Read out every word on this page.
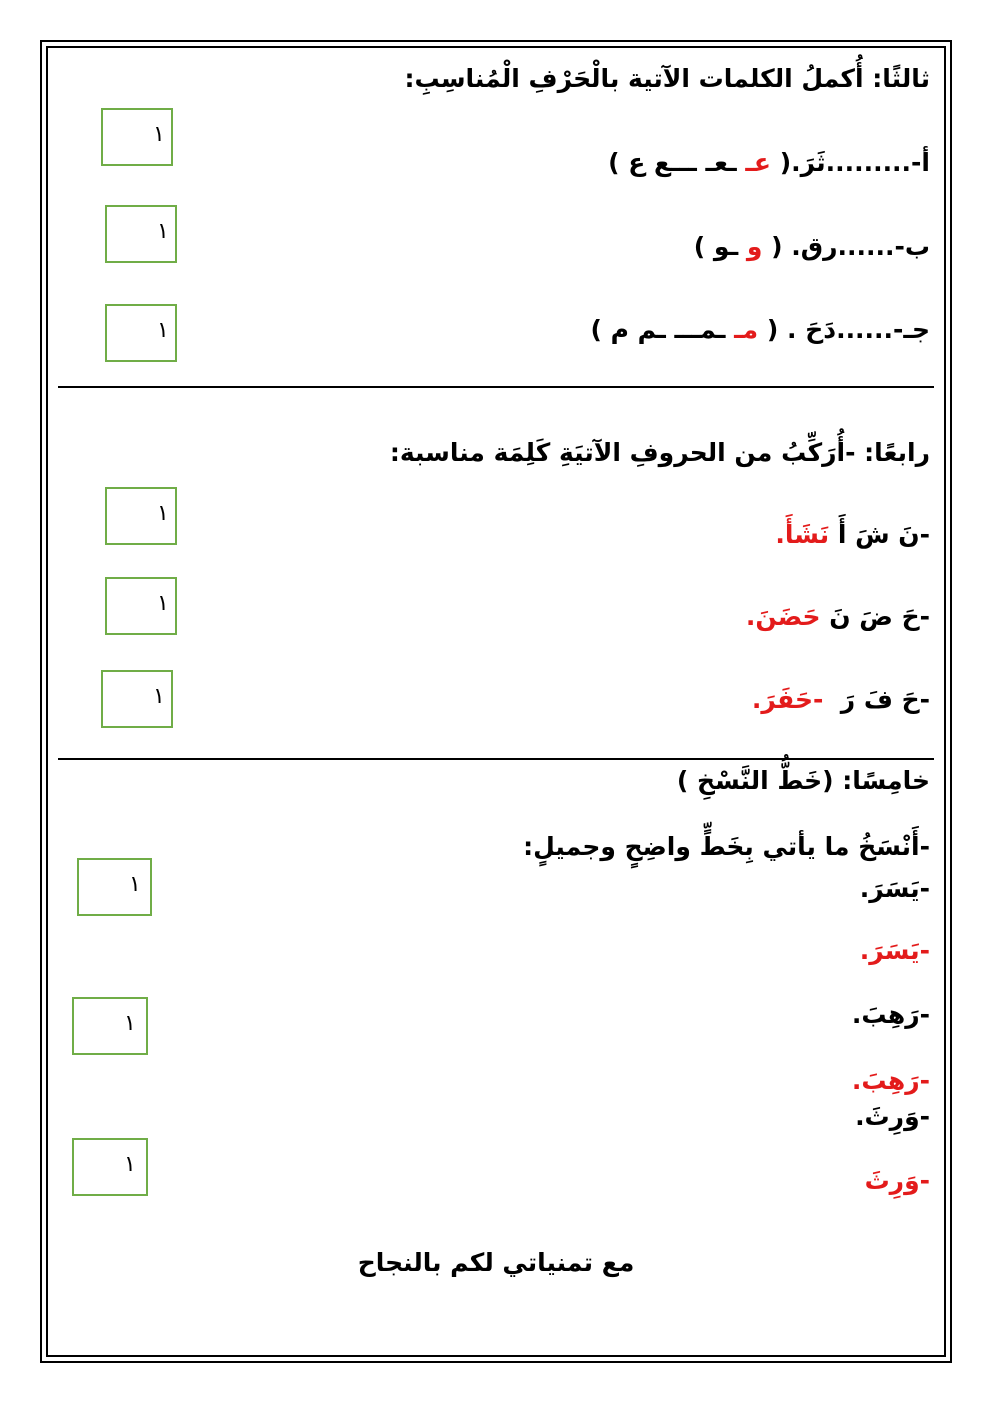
ثالثًا: أُكملُ الكلمات الآتية بالْحَرْفِ الْمُناسِبِ:
أ-.........ثَرَ.( عـ ـعـ ـــع ع )
١
ب-......رق. ( و ـو )
١
جـ-......دَحَ . ( مـ ـمـــ ـم م )
١
رابعًا: -أُرَكِّبُ من الحروفِ الآتيَةِ كَلِمَة مناسبة:
-نَ شَ أَ نَشَأَ.
١
-حَ ضَ نَ حَضَنَ.
١
-حَ فَ رَ  -حَفَرَ.
١
خامِسًا: (خَطُّ النَّسْخِ )
-أَنْسَخُ ما يأتي بِخَطٍّ واضِحٍ وجميلٍ:
-يَسَرَ.
-يَسَرَ.
١
-رَهِبَ.
-رَهِبَ.
١
-وَرِثَ.
-وَرِثَ
١
مع تمنياتي لكم بالنجاح
